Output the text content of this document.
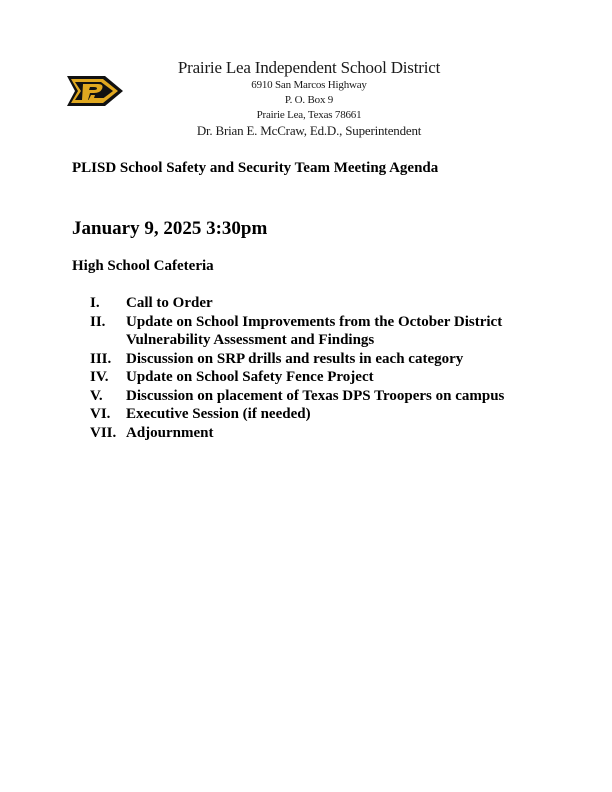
Prairie Lea Independent School District
6910 San Marcos Highway
P. O. Box 9
Prairie Lea, Texas 78661
Dr. Brian E. McCraw, Ed.D., Superintendent
PLISD School Safety and Security Team Meeting Agenda
January 9, 2025 3:30pm
High School Cafeteria
I.	Call to Order
II.	Update on School Improvements from the October District Vulnerability Assessment and Findings
III. Discussion on SRP drills and results in each category
IV.	Update on School Safety Fence Project
V.	Discussion on placement of Texas DPS Troopers on campus
VI.	Executive Session (if needed)
VII. Adjournment
